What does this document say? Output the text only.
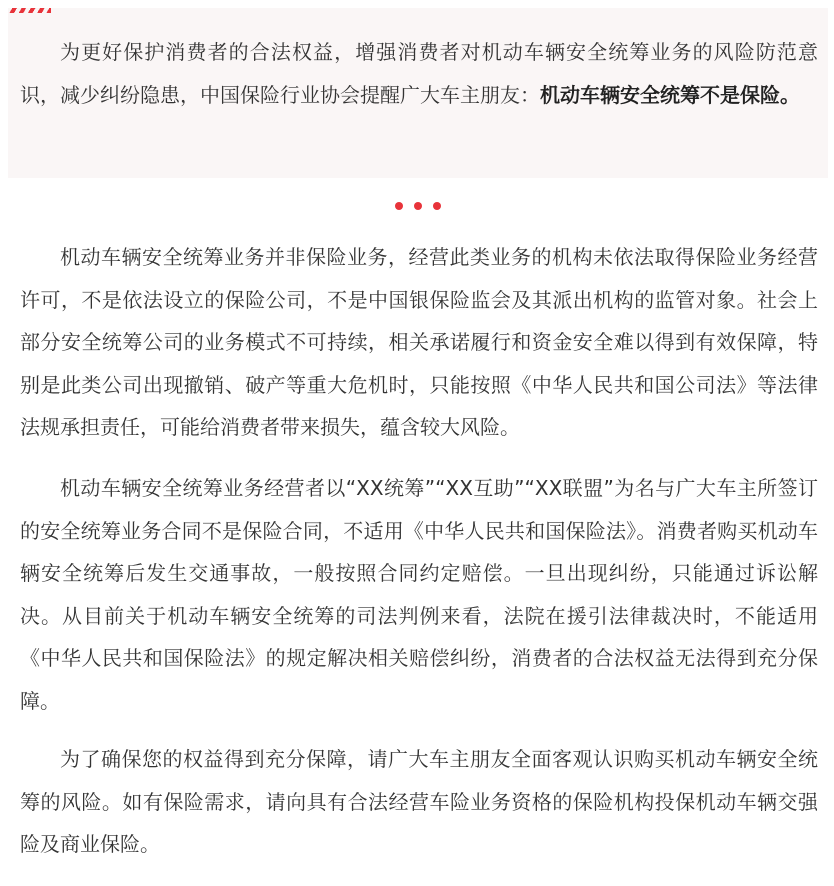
为更好保护消费者的合法权益，增强消费者对机动车辆安全统筹业务的风险防范意识，减少纠纷隐患，中国保险行业协会提醒广大车主朋友：机动车辆安全统筹不是保险。

机动车辆安全统筹业务并非保险业务，经营此类业务的机构未依法取得保险业务经营许可，不是依法设立的保险公司，不是中国银保险监会及其派出机构的监管对象。社会上部分安全统筹公司的业务模式不可持续，相关承诺履行和资金安全难以得到有效保障，特别是此类公司出现撤销、破产等重大危机时，只能按照《中华人民共和国公司法》等法律法规承担责任，可能给消费者带来损失，蕴含较大风险。

机动车辆安全统筹业务经营者以“XX统筹”“XX互助”“XX联盟”为名与广大车主所签订的安全统筹业务合同不是保险合同，不适用《中华人民共和国保险法》。消费者购买机动车辆安全统筹后发生交通事故，一般按照合同约定赔偿。一旦出现纠纷，只能通过诉讼解决。从目前关于机动车辆安全统筹的司法判例来看，法院在援引法律裁决时，不能适用《中华人民共和国保险法》的规定解决相关赔偿纠纷，消费者的合法权益无法得到充分保障。

为了确保您的权益得到充分保障，请广大车主朋友全面客观认识购买机动车辆安全统筹的风险。如有保险需求，请向具有合法经营车险业务资格的保险机构投保机动车辆交强险及商业保险。
